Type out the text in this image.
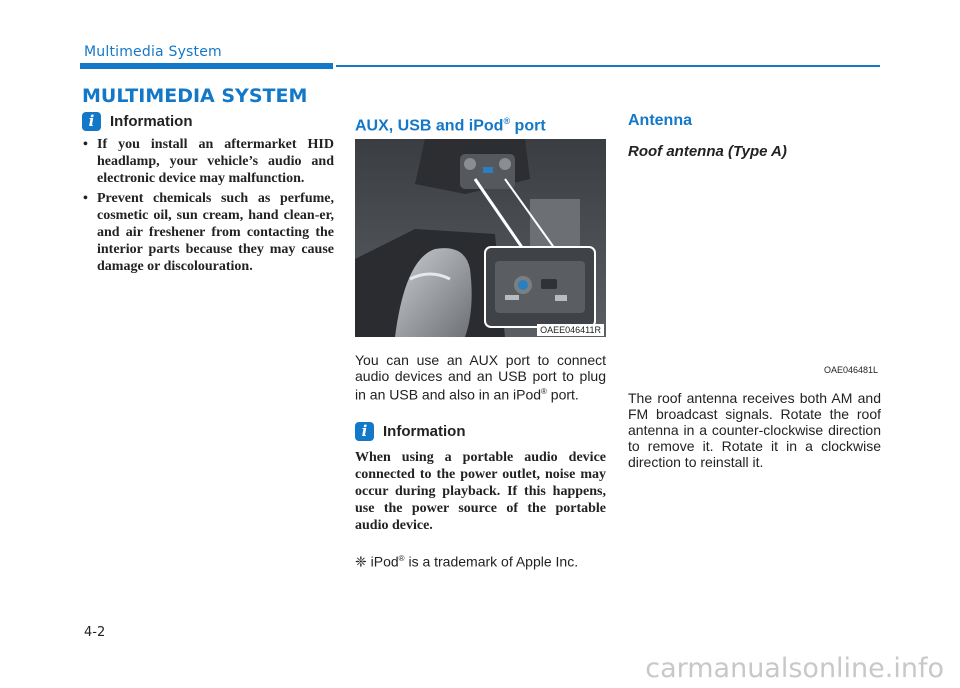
Multimedia System
MULTIMEDIA SYSTEM
i	Information
• If you install an aftermarket HID headlamp, your vehicle’s audio and electronic device may malfunction.
• Prevent chemicals such as perfume, cosmetic oil, sun cream, hand clean-er, and air freshener from contacting the interior parts because they may cause damage or discolouration.
AUX, USB and iPod® port
OAEE046411R

You can use an AUX port to connect audio devices and an USB port to plug in an USB and also in an iPod® port.

i	Information

When using a portable audio device connected to the power outlet, noise may occur during playback. If this happens, use the power source of the portable audio device.

❈ iPod® is a trademark of Apple Inc.

Antenna
Roof antenna (Type A)
OAE046481L

The roof antenna receives both AM and FM broadcast signals. Rotate the roof antenna in a counter-clockwise direction to remove it. Rotate it in a clockwise direction to reinstall it.

4-2
carmanualsonline.info
